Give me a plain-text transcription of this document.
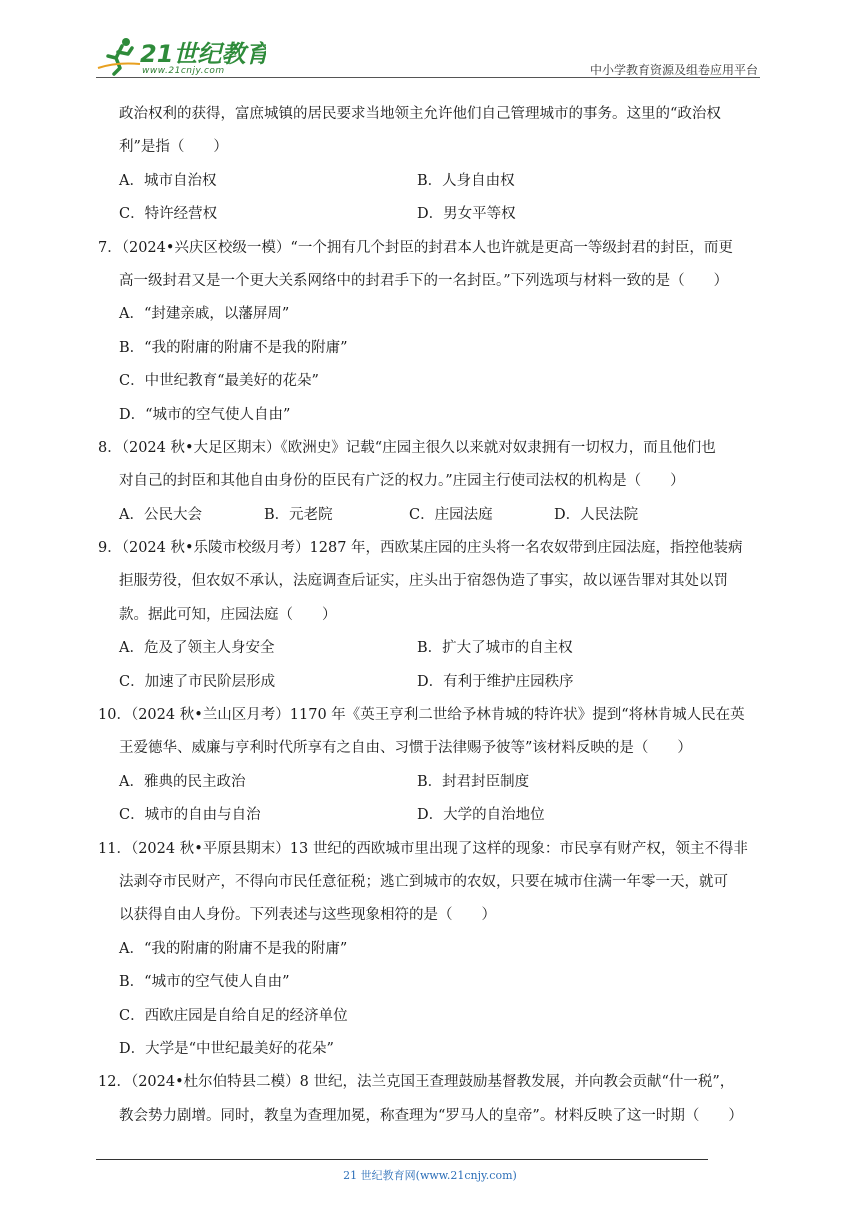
21世纪教育
www.21cnjy.com	中小学教育资源及组卷应用平台
政治权利的获得，富庶城镇的居民要求当地领主允许他们自己管理城市的事务。这里的“政治权
利”是指（　　）
A．城市自治权	B．人身自由权
C．特许经营权	D．男女平等权
7．（2024•兴庆区校级一模）“一个拥有几个封臣的封君本人也许就是更高一等级封君的封臣，而更
高一级封君又是一个更大关系网络中的封君手下的一名封臣。”下列选项与材料一致的是（　　）
A．“封建亲戚，以藩屏周”
B．“我的附庸的附庸不是我的附庸”
C．中世纪教育“最美好的花朵”
D．“城市的空气使人自由”
8．（2024 秋•大足区期末）《欧洲史》记载“庄园主很久以来就对奴隶拥有一切权力，而且他们也
对自己的封臣和其他自由身份的臣民有广泛的权力。”庄园主行使司法权的机构是（　　）
A．公民大会	B．元老院	C．庄园法庭	D．人民法院
9．（2024 秋•乐陵市校级月考）1287 年，西欧某庄园的庄头将一名农奴带到庄园法庭，指控他装病
拒服劳役，但农奴不承认，法庭调查后证实，庄头出于宿怨伪造了事实，故以诬告罪对其处以罚
款。据此可知，庄园法庭（　　）
A．危及了领主人身安全	B．扩大了城市的自主权
C．加速了市民阶层形成	D．有利于维护庄园秩序
10．（2024 秋•兰山区月考）1170 年《英王亨利二世给予林肯城的特许状》提到“将林肯城人民在英
王爱德华、威廉与亨利时代所享有之自由、习惯于法律赐予彼等”该材料反映的是（　　）
A．雅典的民主政治	B．封君封臣制度
C．城市的自由与自治	D．大学的自治地位
11．（2024 秋•平原县期末）13 世纪的西欧城市里出现了这样的现象：市民享有财产权，领主不得非
法剥夺市民财产，不得向市民任意征税；逃亡到城市的农奴，只要在城市住满一年零一天，就可
以获得自由人身份。下列表述与这些现象相符的是（　　）
A．“我的附庸的附庸不是我的附庸”
B．“城市的空气使人自由”
C．西欧庄园是自给自足的经济单位
D．大学是“中世纪最美好的花朵”
12．（2024•杜尔伯特县二模）8 世纪，法兰克国王查理鼓励基督教发展，并向教会贡献“什一税”，
教会势力剧增。同时，教皇为查理加冕，称查理为“罗马人的皇帝”。材料反映了这一时期（　　）
21 世纪教育网(www.21cnjy.com)
